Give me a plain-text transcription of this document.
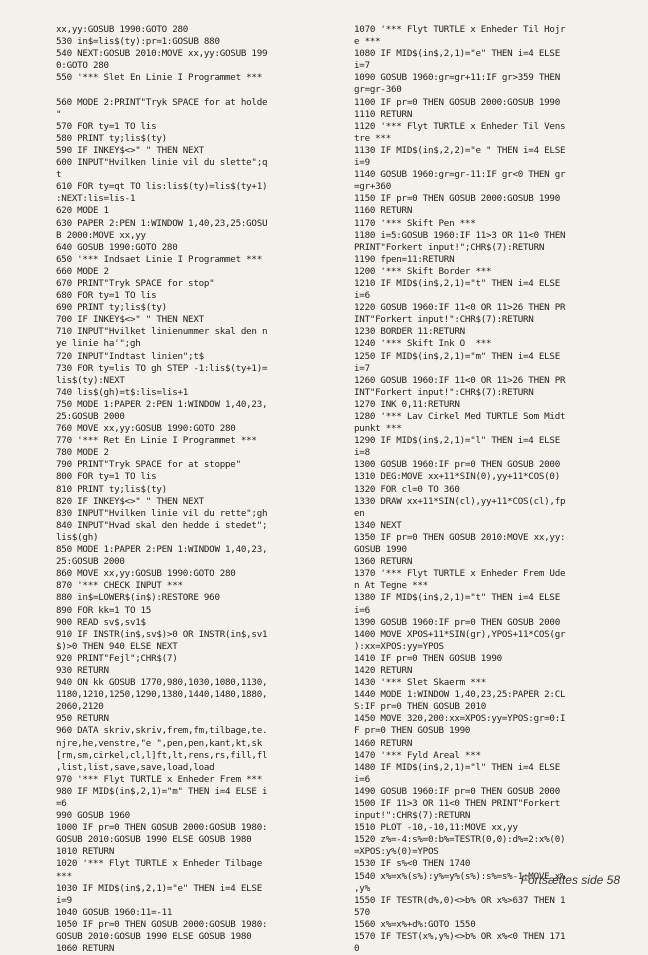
xx,yy:GOSUB 1990:GOTO 280
530 in$=lis$(ty):pr=1:GOSUB 880
540 NEXT:GOSUB 2010:MOVE xx,yy:GOSUB 199
0:GOTO 280
550 '*** Slet En Linie I Programmet ***
560 MODE 2:PRINT"Tryk SPACE for at holde
"
570 FOR ty=1 TO lis
580 PRINT ty;lis$(ty)
590 IF INKEY$<>" " THEN NEXT
600 INPUT"Hvilken linie vil du slette";q
t
610 FOR ty=qt TO lis:lis$(ty)=lis$(ty+1)
:NEXT:lis=lis-1
620 MODE 1
630 PAPER 2:PEN 1:WINDOW 1,40,23,25:GOSU
B 2000:MOVE xx,yy
640 GOSUB 1990:GOTO 280
650 '*** Indsaet Linie I Programmet ***
660 MODE 2
670 PRINT"Tryk SPACE for stop"
680 FOR ty=1 TO lis
690 PRINT ty;lis$(ty)
700 IF INKEY$<>" " THEN NEXT
710 INPUT"Hvilket linienummer skal den n
ye linie ha'";gh
720 INPUT"Indtast linien";t$
730 FOR ty=lis TO gh STEP -1:lis$(ty+1)=
lis$(ty):NEXT
740 lis$(gh)=t$:lis=lis+1
750 MODE 1:PAPER 2:PEN 1:WINDOW 1,40,23,
25:GOSUB 2000
760 MOVE xx,yy:GOSUB 1990:GOTO 280
770 '*** Ret En Linie I Programmet ***
780 MODE 2
790 PRINT"Tryk SPACE for at stoppe"
800 FOR ty=1 TO lis
810 PRINT ty;lis$(ty)
820 IF INKEY$<>" " THEN NEXT
830 INPUT"Hvilken linie vil du rette";gh
840 INPUT"Hvad skal den hedde i stedet";
lis$(gh)
850 MODE 1:PAPER 2:PEN 1:WINDOW 1,40,23,
25:GOSUB 2000
860 MOVE xx,yy:GOSUB 1990:GOTO 280
870 '*** CHECK INPUT ***
880 in$=LOWER$(in$):RESTORE 960
890 FOR kk=1 TO 15
900 READ sv$,sv1$
910 IF INSTR(in$,sv$)>0 OR INSTR(in$,sv1
$)>0 THEN 940 ELSE NEXT
920 PRINT"Fejl";CHR$(7)
930 RETURN
940 ON kk GOSUB 1770,980,1030,1080,1130,
1180,1210,1250,1290,1380,1440,1480,1880,
2060,2120
950 RETURN
960 DATA skriv,skriv,frem,fm,tilbage,te.
njre,he,venstre,"e ",pen,pen,kant,kt,sk
[rm,sm,cirkel,cl,l]ft,lt,rens,rs,fill,fl
,list,list,save,save,load,load
970 '*** Flyt TURTLE x Enheder Frem ***
980 IF MID$(in$,2,1)="m" THEN i=4 ELSE i
=6
990 GOSUB 1960
1000 IF pr=0 THEN GOSUB 2000:GOSUB 1980:
GOSUB 2010:GOSUB 1990 ELSE GOSUB 1980
1010 RETURN
1020 '*** Flyt TURTLE x Enheder Tilbage
***
1030 IF MID$(in$,2,1)="e" THEN i=4 ELSE
i=9
1040 GOSUB 1960:11=-11
1050 IF pr=0 THEN GOSUB 2000:GOSUB 1980:
GOSUB 2010:GOSUB 1990 ELSE GOSUB 1980
1060 RETURN
1070 '*** Flyt TURTLE x Enheder Til Hojr
e ***
1080 IF MID$(in$,2,1)="e" THEN i=4 ELSE
i=7
1090 GOSUB 1960:gr=gr+11:IF gr>359 THEN
gr=gr-360
1100 IF pr=0 THEN GOSUB 2000:GOSUB 1990
1110 RETURN
1120 '*** Flyt TURTLE x Enheder Til Vens
tre ***
1130 IF MID$(in$,2,2)="e " THEN i=4 ELSE
i=9
1140 GOSUB 1960:gr=gr-11:IF gr<0 THEN gr
=gr+360
1150 IF pr=0 THEN GOSUB 2000:GOSUB 1990
1160 RETURN
1170 '*** Skift Pen ***
1180 i=5:GOSUB 1960:IF 11>3 OR 11<0 THEN
PRINT"Forkert input!";CHR$(7):RETURN
1190 fpen=11:RETURN
1200 '*** Skift Border ***
1210 IF MID$(in$,2,1)="t" THEN i=4 ELSE
i=6
1220 GOSUB 1960:IF 11<0 OR 11>26 THEN PR
INT"Forkert input!":CHR$(7):RETURN
1230 BORDER 11:RETURN
1240 '*** Skift Ink O  ***
1250 IF MID$(in$,2,1)="m" THEN i=4 ELSE
i=7
1260 GOSUB 1960:IF 11<0 OR 11>26 THEN PR
INT"Forkert input!":CHR$(7):RETURN
1270 INK 0,11:RETURN
1280 '*** Lav Cirkel Med TURTLE Som Midt
punkt ***
1290 IF MID$(in$,2,1)="l" THEN i=4 ELSE
i=8
1300 GOSUB 1960:IF pr=0 THEN GOSUB 2000
1310 DEG:MOVE xx+11*SIN(0),yy+11*COS(0)
1320 FOR cl=0 TO 360
1330 DRAW xx+11*SIN(cl),yy+11*COS(cl),fp
en
1340 NEXT
1350 IF pr=0 THEN GOSUB 2010:MOVE xx,yy:
GOSUB 1990
1360 RETURN
1370 '*** Flyt TURTLE x Enheder Frem Ude
n At Tegne ***
1380 IF MID$(in$,2,1)="t" THEN i=4 ELSE
i=6
1390 GOSUB 1960:IF pr=0 THEN GOSUB 2000
1400 MOVE XPOS+11*SIN(gr),YPOS+11*COS(gr
):xx=XPOS:yy=YPOS
1410 IF pr=0 THEN GOSUB 1990
1420 RETURN
1430 '*** Slet Skaerm ***
1440 MODE 1:WINDOW 1,40,23,25:PAPER 2:CL
S:IF pr=0 THEN GOSUB 2010
1450 MOVE 320,200:xx=XPOS:yy=YPOS:gr=0:I
F pr=0 THEN GOSUB 1990
1460 RETURN
1470 '*** Fyld Areal ***
1480 IF MID$(in$,2,1)="l" THEN i=4 ELSE
i=6
1490 GOSUB 1960:IF pr=0 THEN GOSUB 2000
1500 IF 11>3 OR 11<0 THEN PRINT"Forkert
input!":CHR$(7):RETURN
1510 PLOT -10,-10,11:MOVE xx,yy
1520 z%=-4:s%=0:b%=TESTR(0,0):d%=2:x%(0)
=XPOS:y%(0)=YPOS
1530 IF s%<0 THEN 1740
1540 x%=x%(s%):y%=y%(s%):s%=s%-1:MOVE x%
,y%
1550 IF TESTR(d%,0)<>b% OR x%>637 THEN 1
570
1560 x%=x%+d%:GOTO 1550
1570 IF TEST(x%,y%)<>b% OR x%<0 THEN 171
0
Fortsættes side 58
